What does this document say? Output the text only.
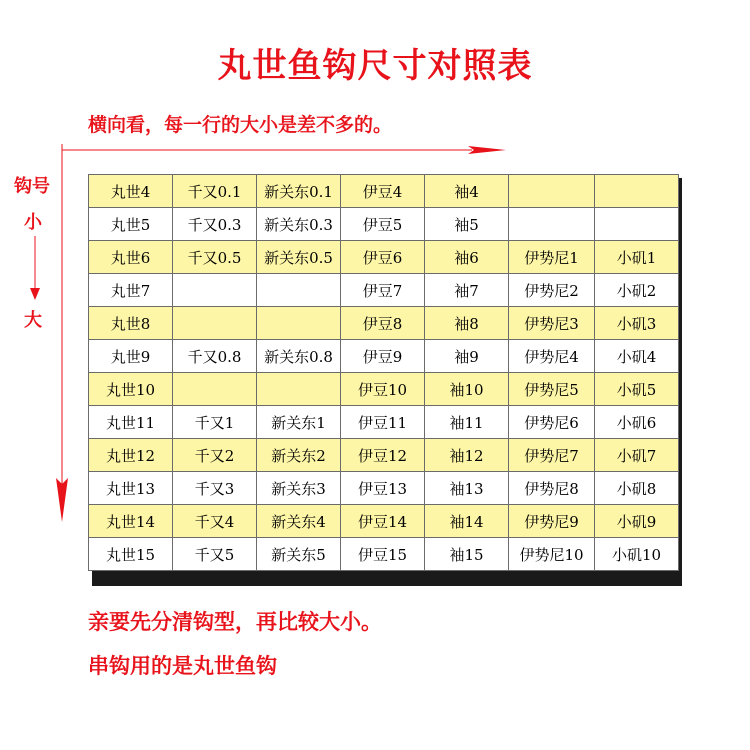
丸世鱼钩尺寸对照表
横向看，每一行的大小是差不多的。
钩号
小
大
丸世4	千又0.1	新关东0.1	伊豆4	袖4		
丸世5	千又0.3	新关东0.3	伊豆5	袖5		
丸世6	千又0.5	新关东0.5	伊豆6	袖6	伊势尼1	小矶1
丸世7			伊豆7	袖7	伊势尼2	小矶2
丸世8			伊豆8	袖8	伊势尼3	小矶3
丸世9	千又0.8	新关东0.8	伊豆9	袖9	伊势尼4	小矶4
丸世10			伊豆10	袖10	伊势尼5	小矶5
丸世11	千又1	新关东1	伊豆11	袖11	伊势尼6	小矶6
丸世12	千又2	新关东2	伊豆12	袖12	伊势尼7	小矶7
丸世13	千又3	新关东3	伊豆13	袖13	伊势尼8	小矶8
丸世14	千又4	新关东4	伊豆14	袖14	伊势尼9	小矶9
丸世15	千又5	新关东5	伊豆15	袖15	伊势尼10	小矶10
亲要先分清钩型，再比较大小。
串钩用的是丸世鱼钩
